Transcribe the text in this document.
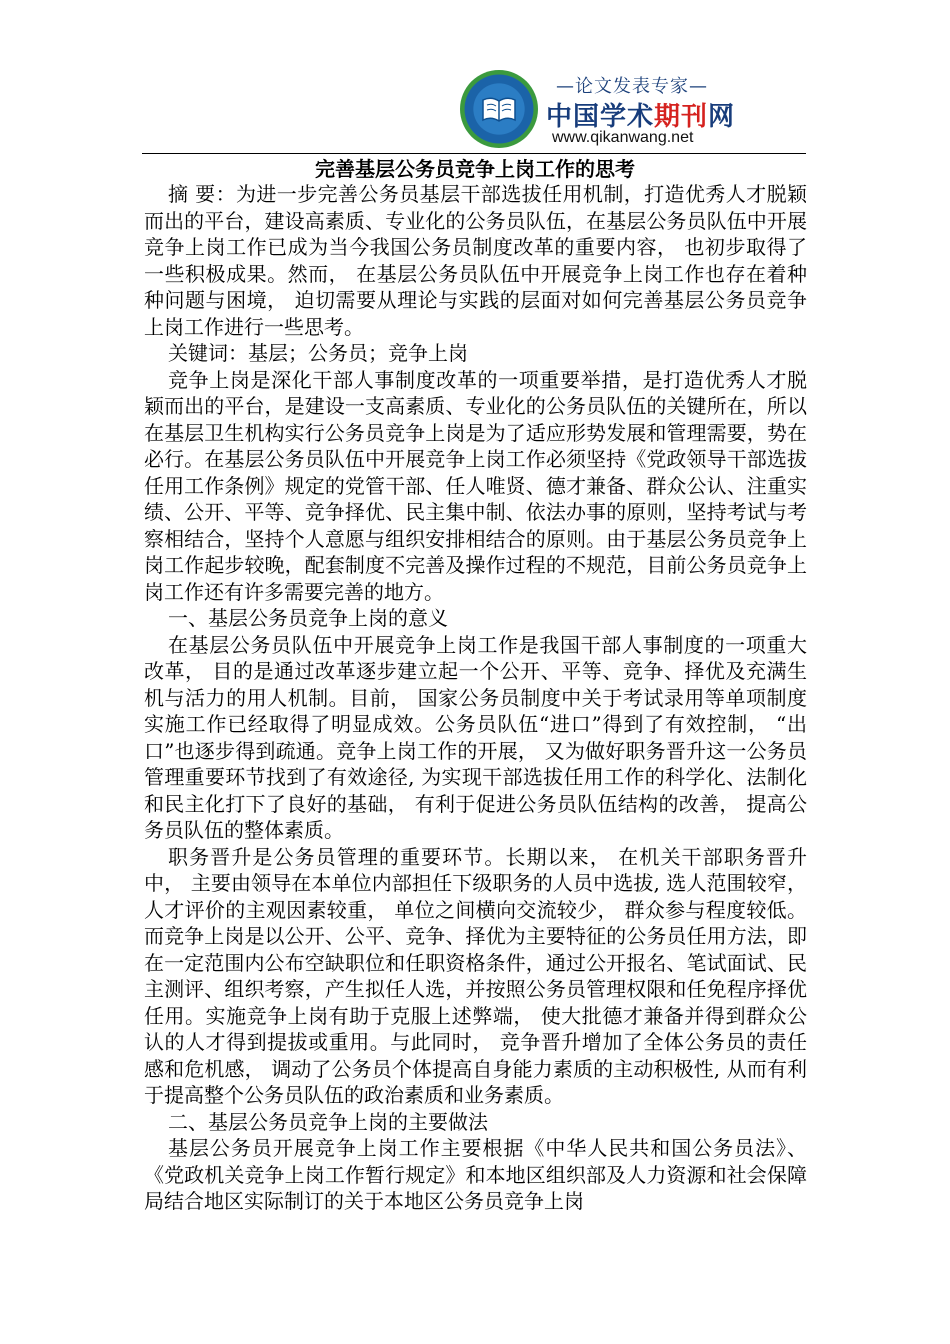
—论文发表专家—
中国学术期刊网
www.qikanwang.net
完善基层公务员竞争上岗工作的思考

摘 要：为进一步完善公务员基层干部选拔任用机制，打造优秀人才脱颖而出的平台，建设高素质、专业化的公务员队伍，在基层公务员队伍中开展竞争上岗工作已成为当今我国公务员制度改革的重要内容， 也初步取得了一些积极成果。然而， 在基层公务员队伍中开展竞争上岗工作也存在着种种问题与困境， 迫切需要从理论与实践的层面对如何完善基层公务员竞争上岗工作进行一些思考。

关键词：基层；公务员；竞争上岗

竞争上岗是深化干部人事制度改革的一项重要举措，是打造优秀人才脱颖而出的平台，是建设一支高素质、专业化的公务员队伍的关键所在，所以在基层卫生机构实行公务员竞争上岗是为了适应形势发展和管理需要，势在必行。在基层公务员队伍中开展竞争上岗工作必须坚持《党政领导干部选拔任用工作条例》规定的党管干部、任人唯贤、德才兼备、群众公认、注重实绩、公开、平等、竞争择优、民主集中制、依法办事的原则，坚持考试与考察相结合，坚持个人意愿与组织安排相结合的原则。由于基层公务员竞争上岗工作起步较晚，配套制度不完善及操作过程的不规范，目前公务员竞争上岗工作还有许多需要完善的地方。

一、基层公务员竞争上岗的意义

在基层公务员队伍中开展竞争上岗工作是我国干部人事制度的一项重大改革， 目的是通过改革逐步建立起一个公开、平等、竞争、择优及充满生机与活力的用人机制。目前， 国家公务员制度中关于考试录用等单项制度实施工作已经取得了明显成效。公务员队伍“进口”得到了有效控制， “出口”也逐步得到疏通。竞争上岗工作的开展， 又为做好职务晋升这一公务员管理重要环节找到了有效途径, 为实现干部选拔任用工作的科学化、法制化和民主化打下了良好的基础， 有利于促进公务员队伍结构的改善， 提高公务员队伍的整体素质。

职务晋升是公务员管理的重要环节。长期以来， 在机关干部职务晋升中， 主要由领导在本单位内部担任下级职务的人员中选拔, 选人范围较窄， 人才评价的主观因素较重， 单位之间横向交流较少， 群众参与程度较低。而竞争上岗是以公开、公平、竞争、择优为主要特征的公务员任用方法，即在一定范围内公布空缺职位和任职资格条件，通过公开报名、笔试面试、民主测评、组织考察，产生拟任人选，并按照公务员管理权限和任免程序择优任用。实施竞争上岗有助于克服上述弊端， 使大批德才兼备并得到群众公认的人才得到提拔或重用。与此同时， 竞争晋升增加了全体公务员的责任感和危机感， 调动了公务员个体提高自身能力素质的主动积极性, 从而有利于提高整个公务员队伍的政治素质和业务素质。

二、基层公务员竞争上岗的主要做法

基层公务员开展竞争上岗工作主要根据《中华人民共和国公务员法》、《党政机关竞争上岗工作暂行规定》和本地区组织部及人力资源和社会保障局结合地区实际制订的关于本地区公务员竞争上岗
